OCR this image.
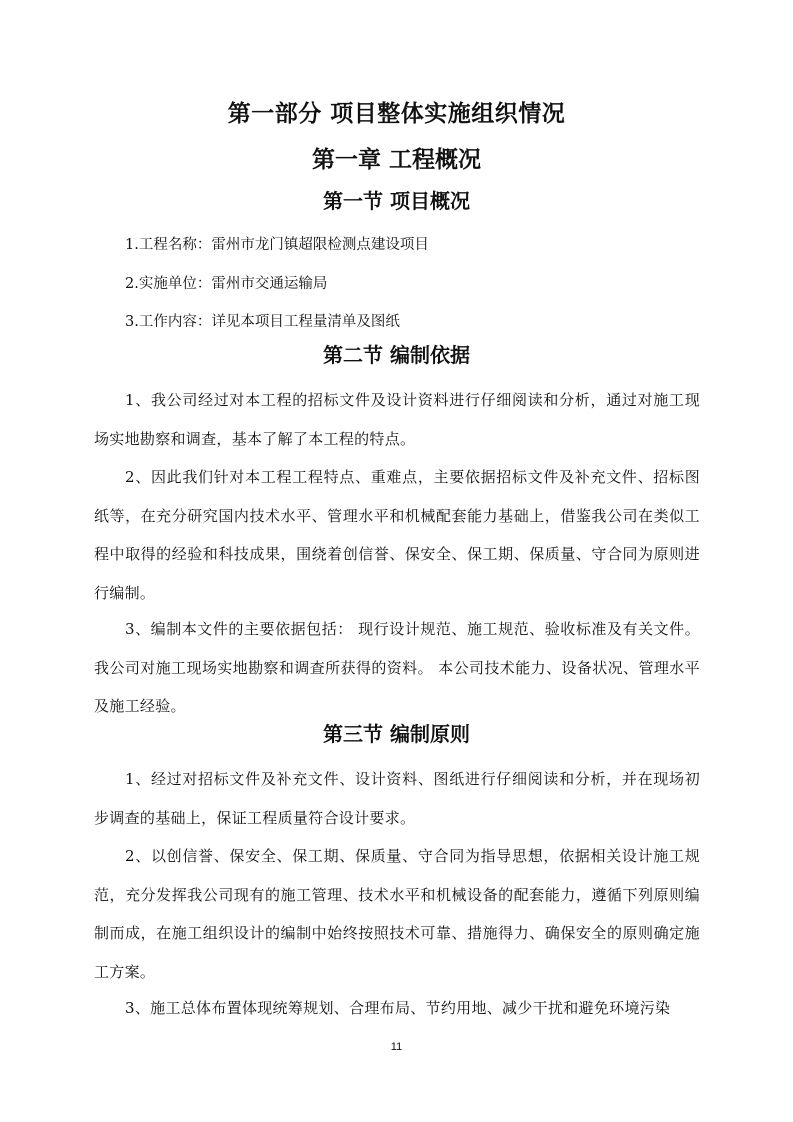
第一部分 项目整体实施组织情况
第一章 工程概况
第一节 项目概况
1.工程名称：雷州市龙门镇超限检测点建设项目
2.实施单位：雷州市交通运输局
3.工作内容：详见本项目工程量清单及图纸
第二节 编制依据
1、我公司经过对本工程的招标文件及设计资料进行仔细阅读和分析，通过对施工现场实地勘察和调查，基本了解了本工程的特点。
2、因此我们针对本工程工程特点、重难点，主要依据招标文件及补充文件、招标图纸等，在充分研究国内技术水平、管理水平和机械配套能力基础上，借鉴我公司在类似工程中取得的经验和科技成果，围绕着创信誉、保安全、保工期、保质量、守合同为原则进行编制。
3、编制本文件的主要依据包括： 现行设计规范、施工规范、验收标准及有关文件。我公司对施工现场实地勘察和调查所获得的资料。 本公司技术能力、设备状况、管理水平及施工经验。
第三节 编制原则
1、经过对招标文件及补充文件、设计资料、图纸进行仔细阅读和分析，并在现场初步调查的基础上，保证工程质量符合设计要求。
2、以创信誉、保安全、保工期、保质量、守合同为指导思想，依据相关设计施工规范，充分发挥我公司现有的施工管理、技术水平和机械设备的配套能力，遵循下列原则编制而成，在施工组织设计的编制中始终按照技术可靠、措施得力、确保安全的原则确定施工方案。
3、施工总体布置体现统筹规划、合理布局、节约用地、减少干扰和避免环境污染
11
